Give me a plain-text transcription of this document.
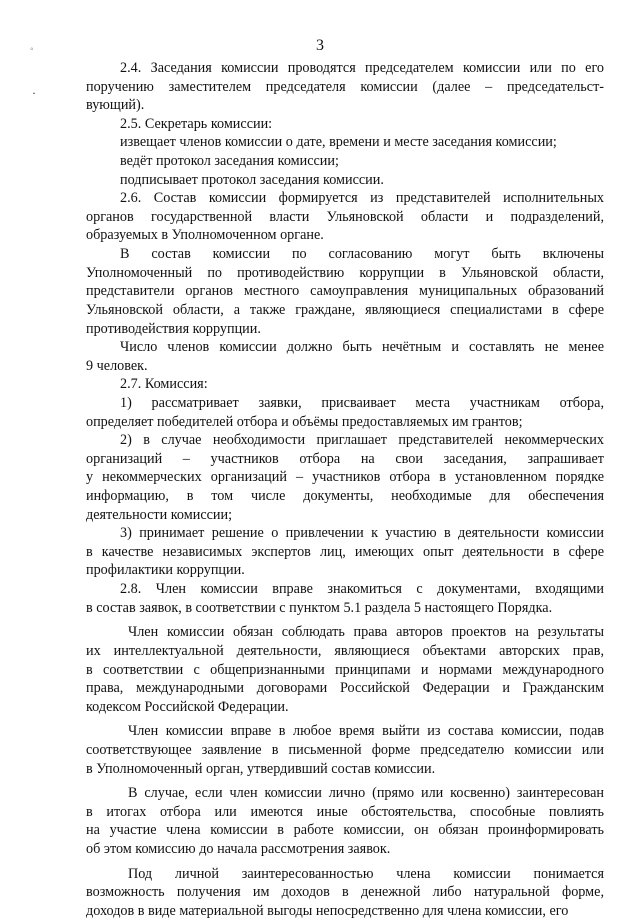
3
◦
·
2.4. Заседания комиссии проводятся председателем комиссии или по его
поручению заместителем председателя комиссии (далее – председательст-
вующий).
2.5. Секретарь комиссии:
извещает членов комиссии о дате, времени и месте заседания комиссии;
ведёт протокол заседания комиссии;
подписывает протокол заседания комиссии.
2.6. Состав комиссии формируется из представителей исполнительных
органов государственной власти Ульяновской области и подразделений,
образуемых в Уполномоченном органе.
В состав комиссии по согласованию могут быть включены
Уполномоченный по противодействию коррупции в Ульяновской области,
представители органов местного самоуправления муниципальных образований
Ульяновской области, а также граждане, являющиеся специалистами в сфере
противодействия коррупции.
Число членов комиссии должно быть нечётным и составлять не менее
9 человек.
2.7. Комиссия:
1) рассматривает заявки, присваивает места участникам отбора,
определяет победителей отбора и объёмы предоставляемых им грантов;
2) в случае необходимости приглашает представителей некоммерческих
организаций – участников отбора на свои заседания, запрашивает
у некоммерческих организаций – участников отбора в установленном порядке
информацию, в том числе документы, необходимые для обеспечения
деятельности комиссии;
3) принимает решение о привлечении к участию в деятельности комиссии
в качестве независимых экспертов лиц, имеющих опыт деятельности в сфере
профилактики коррупции.
2.8. Член комиссии вправе знакомиться с документами, входящими
в состав заявок, в соответствии с пунктом 5.1 раздела 5 настоящего Порядка.
Член комиссии обязан соблюдать права авторов проектов на результаты
их интеллектуальной деятельности, являющиеся объектами авторских прав,
в соответствии с общепризнанными принципами и нормами международного
права, международными договорами Российской Федерации и Гражданским
кодексом Российской Федерации.
Член комиссии вправе в любое время выйти из состава комиссии, подав
соответствующее заявление в письменной форме председателю комиссии или
в Уполномоченный орган, утвердивший состав комиссии.
В случае, если член комиссии лично (прямо или косвенно) заинтересован
в итогах отбора или имеются иные обстоятельства, способные повлиять
на участие члена комиссии в работе комиссии, он обязан проинформировать
об этом комиссию до начала рассмотрения заявок.
Под личной заинтересованностью члена комиссии понимается
возможность получения им доходов в денежной либо натуральной форме,
доходов в виде материальной выгоды непосредственно для члена комиссии, его
